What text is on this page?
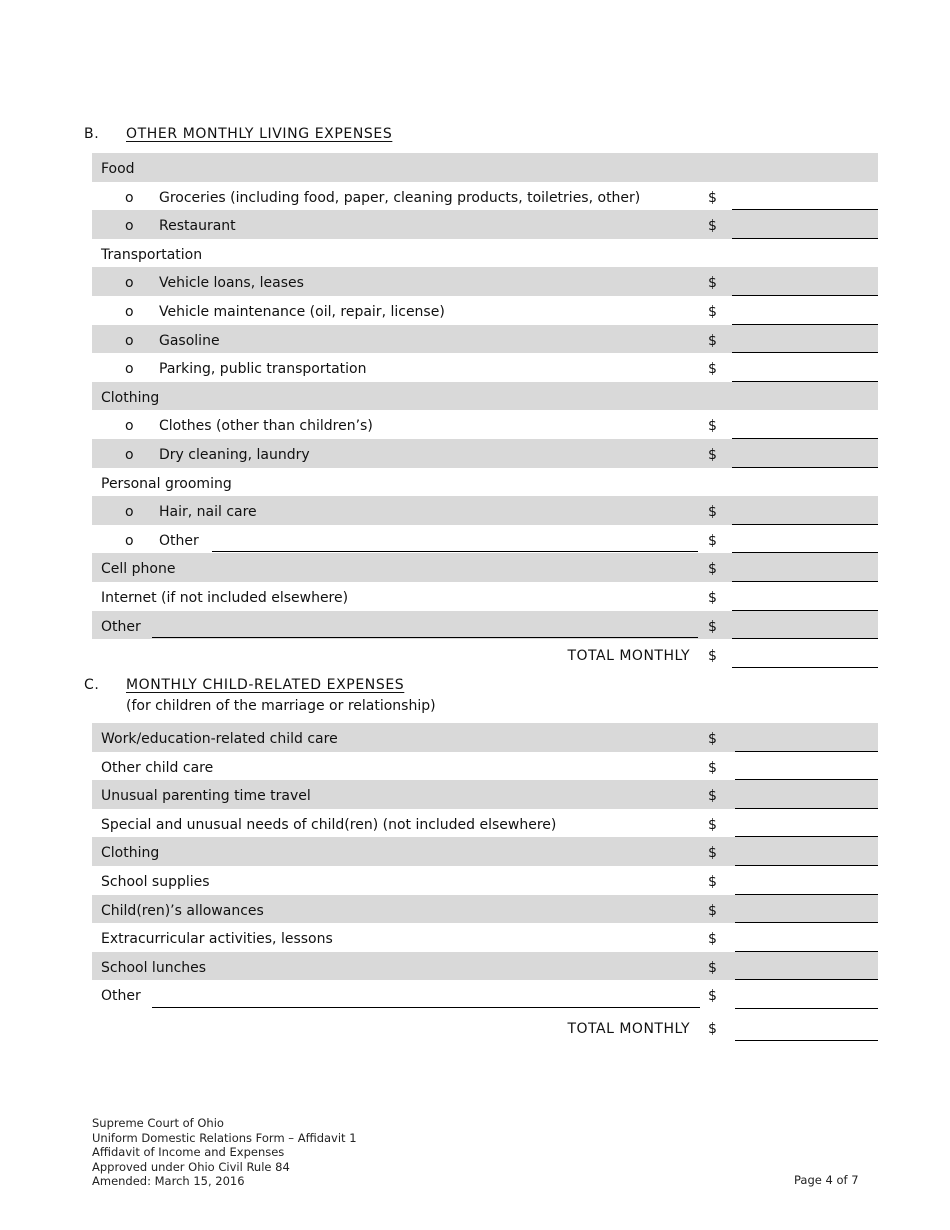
B. OTHER MONTHLY LIVING EXPENSES
Food
o Groceries (including food, paper, cleaning products, toiletries, other)	$
o Restaurant	$
Transportation
o Vehicle loans, leases	$
o Vehicle maintenance (oil, repair, license)	$
o Gasoline	$
o Parking, public transportation	$
Clothing
o Clothes (other than children’s)	$
o Dry cleaning, laundry	$
Personal grooming
o Hair, nail care	$
o Other	$
Cell phone	$
Internet (if not included elsewhere)	$
Other	$
TOTAL MONTHLY $
C. MONTHLY CHILD-RELATED EXPENSES
(for children of the marriage or relationship)
Work/education-related child care	$
Other child care	$
Unusual parenting time travel	$
Special and unusual needs of child(ren) (not included elsewhere)	$
Clothing	$
School supplies	$
Child(ren)’s allowances	$
Extracurricular activities, lessons	$
School lunches	$
Other	$
TOTAL MONTHLY $
Supreme Court of Ohio
Uniform Domestic Relations Form – Affidavit 1
Affidavit of Income and Expenses
Approved under Ohio Civil Rule 84
Amended: March 15, 2016	Page 4 of 7
